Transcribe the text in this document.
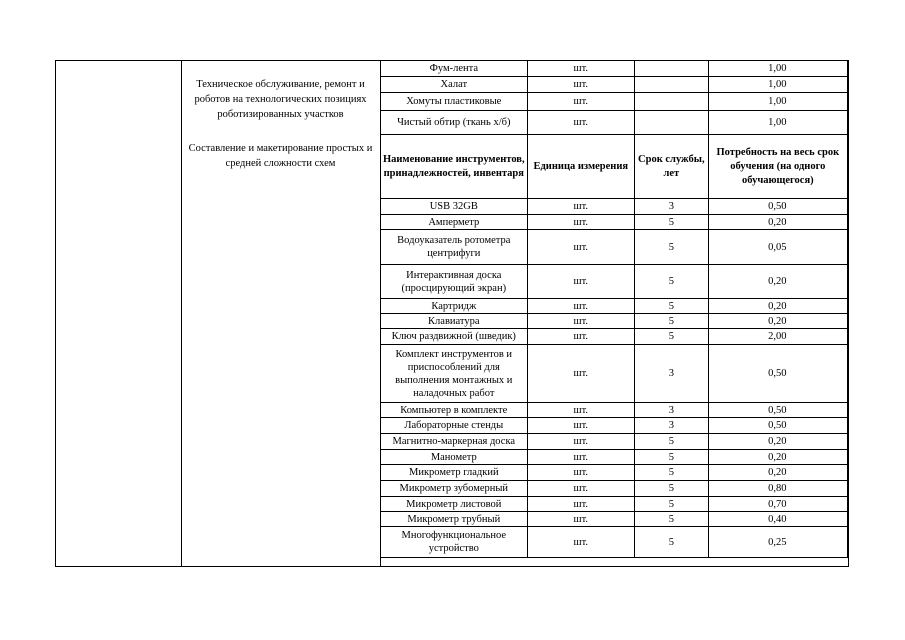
Техническое обслуживание, ремонт и роботов на технологических позициях роботизированных участков
Составление и макетирование простых и средней сложности схем
Фум-лента	шт.		1,00
Халат	шт.		1,00
Хомуты пластиковые	шт.		1,00
Чистый обтир (ткань х/б)	шт.		1,00
Наименование инструментов, принадлежностей, инвентаря	Единица измерения	Срок службы, лет	Потребность на весь срок обучения (на одного обучающегося)
USB 32GB	шт.	3	0,50
Амперметр	шт.	5	0,20
Водоуказатель ротометра центрифуги	шт.	5	0,05
Интерактивная доска (просцирующий экран)	шт.	5	0,20
Картридж	шт.	5	0,20
Клавиатура	шт.	5	0,20
Ключ раздвижной (шведик)	шт.	5	2,00
Комплект инструментов и приспособлений для выполнения монтажных и наладочных работ	шт.	3	0,50
Компьютер в комплекте	шт.	3	0,50
Лабораторные стенды	шт.	3	0,50
Магнитно-маркерная доска	шт.	5	0,20
Манометр	шт.	5	0,20
Микрометр гладкий	шт.	5	0,20
Микрометр зубомерный	шт.	5	0,80
Микрометр листовой	шт.	5	0,70
Микрометр трубный	шт.	5	0,40
Многофункциональное устройство	шт.	5	0,25
